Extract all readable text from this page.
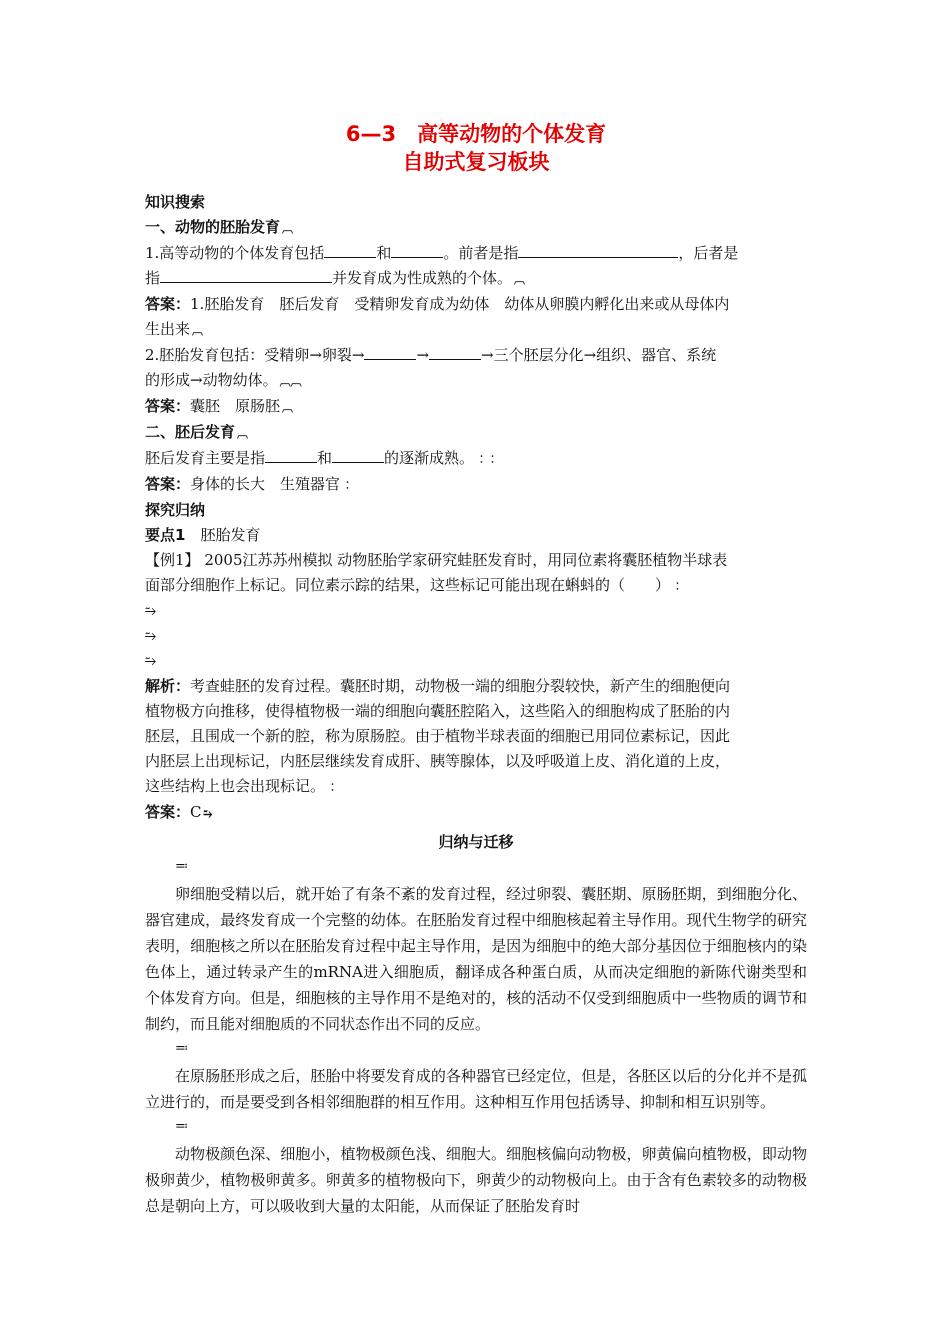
6—3　高等动物的个体发育

自助式复习板块

知识搜索

一、动物的胚胎发育 ︹

1.高等动物的个体发育包括	和	。前者是指	，后者是

指	并发育成为性成熟的个体。 ︹

答案：1.胚胎发育　胚后发育　受精卵发育成为幼体　幼体从卵膜内孵化出来或从母体内

生出来 ︹

2.胚胎发育包括：受精卵→卵裂→	→	→三个胚层分化→组织、器官、系统

的形成→动物幼体。 ︹︹

答案：囊胚　原肠胚 ︹

二、胚后发育 ︹

胚后发育主要是指	和	的逐渐成熟。 ︰︰

答案：身体的长大　生殖器官 ︰

探究归纳

要点1　 胚胎发育

【例1】 2005江苏苏州模拟 动物胚胎学家研究蛙胚发育时，用同位素将囊胚植物半球表

面部分细胞作上标记。同位素示踪的结果，这些标记可能出现在蝌蚪的（　　） ︰

⥲

⥲

⥲

解析：考查蛙胚的发育过程。囊胚时期，动物极一端的细胞分裂较快，新产生的细胞便向

植物极方向推移，使得植物极一端的细胞向囊胚腔陷入，这些陷入的细胞构成了胚胎的内

胚层，且围成一个新的腔，称为原肠腔。由于植物半球表面的细胞已用同位素标记，因此

内胚层上出现标记，内胚层继续发育成肝、胰等腺体，以及呼吸道上皮、消化道的上皮，

这些结构上也会出现标记。 ︰

答案：C ⥲

归纳与迁移

≕

卵细胞受精以后，就开始了有条不紊的发育过程，经过卵裂、囊胚期、原肠胚期，到细胞分化、器官建成，最终发育成一个完整的幼体。在胚胎发育过程中细胞核起着主导作用。现代生物学的研究表明，细胞核之所以在胚胎发育过程中起主导作用，是因为细胞中的绝大部分基因位于细胞核内的染色体上，通过转录产生的mRNA进入细胞质，翻译成各种蛋白质，从而决定细胞的新陈代谢类型和个体发育方向。但是，细胞核的主导作用不是绝对的，核的活动不仅受到细胞质中一些物质的调节和制约，而且能对细胞质的不同状态作出不同的反应。

≕

在原肠胚形成之后，胚胎中将要发育成的各种器官已经定位，但是，各胚区以后的分化并不是孤立进行的，而是要受到各相邻细胞群的相互作用。这种相互作用包括诱导、抑制和相互识别等。

≕

动物极颜色深、细胞小，植物极颜色浅、细胞大。细胞核偏向动物极，卵黄偏向植物极，即动物极卵黄少，植物极卵黄多。卵黄多的植物极向下，卵黄少的动物极向上。由于含有色素较多的动物极总是朝向上方，可以吸收到大量的太阳能，从而保证了胚胎发育时
